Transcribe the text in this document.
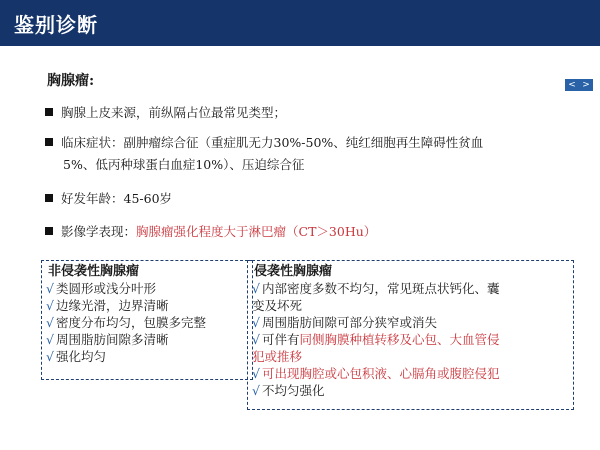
鉴别诊断
< >
胸腺瘤:
胸腺上皮来源，前纵隔占位最常见类型；
临床症状：副肿瘤综合征（重症肌无力30%-50%、纯红细胞再生障碍性贫血
5%、低丙种球蛋白血症10%）、压迫综合征
好发年龄：45-60岁
影像学表现：胸腺瘤强化程度大于淋巴瘤（CT＞30Hu）
非侵袭性胸腺瘤
√ 类圆形或浅分叶形
√ 边缘光滑，边界清晰
√ 密度分布均匀，包膜多完整
√ 周围脂肪间隙多清晰
√ 强化均匀
侵袭性胸腺瘤
√ 内部密度多数不均匀，常见斑点状钙化、囊
变及坏死
√ 周围脂肪间隙可部分狭窄或消失
√ 可伴有同侧胸膜种植转移及心包、大血管侵
犯或推移
√ 可出现胸腔或心包积液、心膈角或腹腔侵犯
√ 不均匀强化
